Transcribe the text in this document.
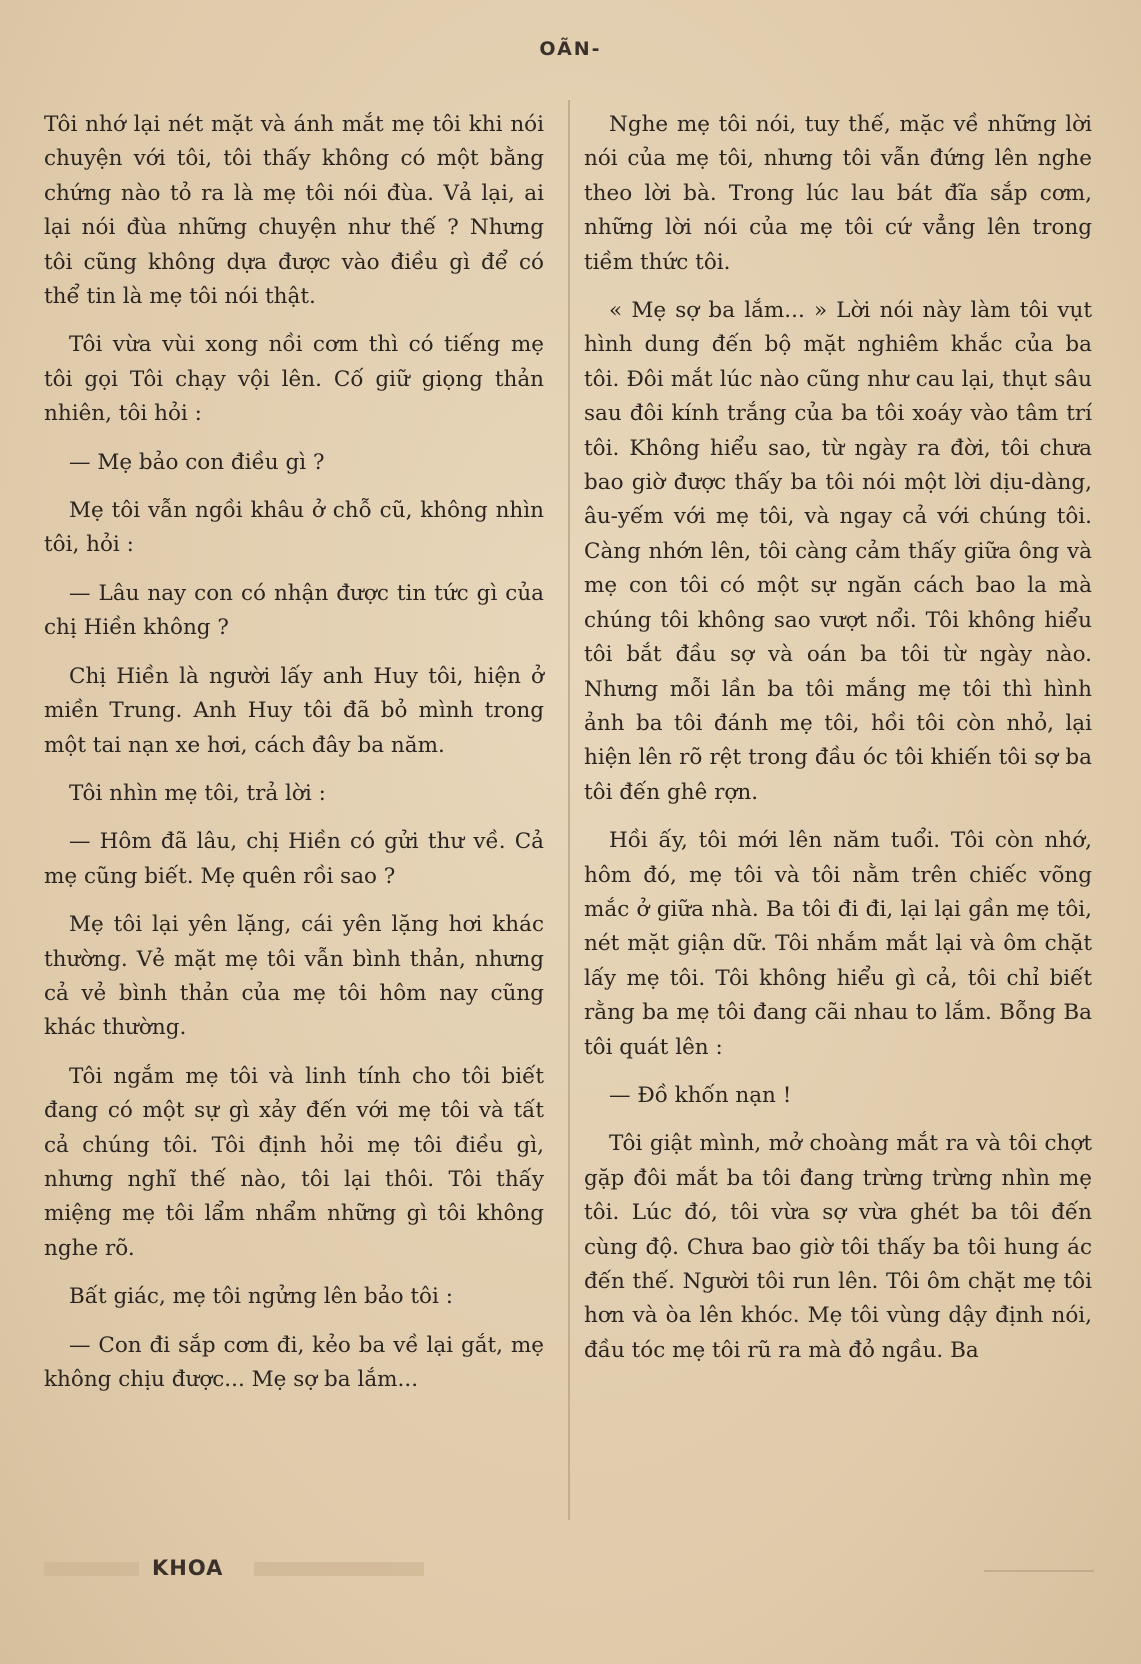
OÃN-

Tôi nhớ lại nét mặt và ánh mắt mẹ tôi khi nói chuyện với tôi, tôi thấy không có một bằng chứng nào tỏ ra là mẹ tôi nói đùa. Vả lại, ai lại nói đùa những chuyện như thế ? Nhưng tôi cũng không dựa được vào điều gì để có thể tin là mẹ tôi nói thật.

Tôi vừa vùi xong nồi cơm thì có tiếng mẹ tôi gọi Tôi chạy vội lên. Cố giữ giọng thản nhiên, tôi hỏi :

— Mẹ bảo con điều gì ?

Mẹ tôi vẫn ngồi khâu ở chỗ cũ, không nhìn tôi, hỏi :

— Lâu nay con có nhận được tin tức gì của chị Hiền không ?

Chị Hiền là người lấy anh Huy tôi, hiện ở miền Trung. Anh Huy tôi đã bỏ mình trong một tai nạn xe hơi, cách đây ba năm.

Tôi nhìn mẹ tôi, trả lời :

— Hôm đã lâu, chị Hiền có gửi thư về. Cả mẹ cũng biết. Mẹ quên rồi sao ?

Mẹ tôi lại yên lặng, cái yên lặng hơi khác thường. Vẻ mặt mẹ tôi vẫn bình thản, nhưng cả vẻ bình thản của mẹ tôi hôm nay cũng khác thường.

Tôi ngắm mẹ tôi và linh tính cho tôi biết đang có một sự gì xảy đến với mẹ tôi và tất cả chúng tôi. Tôi định hỏi mẹ tôi điều gì, nhưng nghĩ thế nào, tôi lại thôi. Tôi thấy miệng mẹ tôi lẩm nhẩm những gì tôi không nghe rõ.

Bất giác, mẹ tôi ngửng lên bảo tôi :

— Con đi sắp cơm đi, kẻo ba về lại gắt, mẹ không chịu được... Mẹ sợ ba lắm...

Nghe mẹ tôi nói, tuy thế, mặc về những lời nói của mẹ tôi, nhưng tôi vẫn đứng lên nghe theo lời bà. Trong lúc lau bát đĩa sắp cơm, những lời nói của mẹ tôi cứ vẳng lên trong tiềm thức tôi.

« Mẹ sợ ba lắm... » Lời nói này làm tôi vụt hình dung đến bộ mặt nghiêm khắc của ba tôi. Đôi mắt lúc nào cũng như cau lại, thụt sâu sau đôi kính trắng của ba tôi xoáy vào tâm trí tôi. Không hiểu sao, từ ngày ra đời, tôi chưa bao giờ được thấy ba tôi nói một lời dịu-dàng, âu-yếm với mẹ tôi, và ngay cả với chúng tôi. Càng nhớn lên, tôi càng cảm thấy giữa ông và mẹ con tôi có một sự ngăn cách bao la mà chúng tôi không sao vượt nổi. Tôi không hiểu tôi bắt đầu sợ và oán ba tôi từ ngày nào. Nhưng mỗi lần ba tôi mắng mẹ tôi thì hình ảnh ba tôi đánh mẹ tôi, hồi tôi còn nhỏ, lại hiện lên rõ rệt trong đầu óc tôi khiến tôi sợ ba tôi đến ghê rợn.

Hồi ấy, tôi mới lên năm tuổi. Tôi còn nhớ, hôm đó, mẹ tôi và tôi nằm trên chiếc võng mắc ở giữa nhà. Ba tôi đi đi, lại lại gần mẹ tôi, nét mặt giận dữ. Tôi nhắm mắt lại và ôm chặt lấy mẹ tôi. Tôi không hiểu gì cả, tôi chỉ biết rằng ba mẹ tôi đang cãi nhau to lắm. Bỗng Ba tôi quát lên :

— Đồ khốn nạn !

Tôi giật mình, mở choàng mắt ra và tôi chợt gặp đôi mắt ba tôi đang trừng trừng nhìn mẹ tôi. Lúc đó, tôi vừa sợ vừa ghét ba tôi đến cùng độ. Chưa bao giờ tôi thấy ba tôi hung ác đến thế. Người tôi run lên. Tôi ôm chặt mẹ tôi hơn và òa lên khóc. Mẹ tôi vùng dậy định nói, đầu tóc mẹ tôi rũ ra mà đỏ ngầu. Ba

KHOA
